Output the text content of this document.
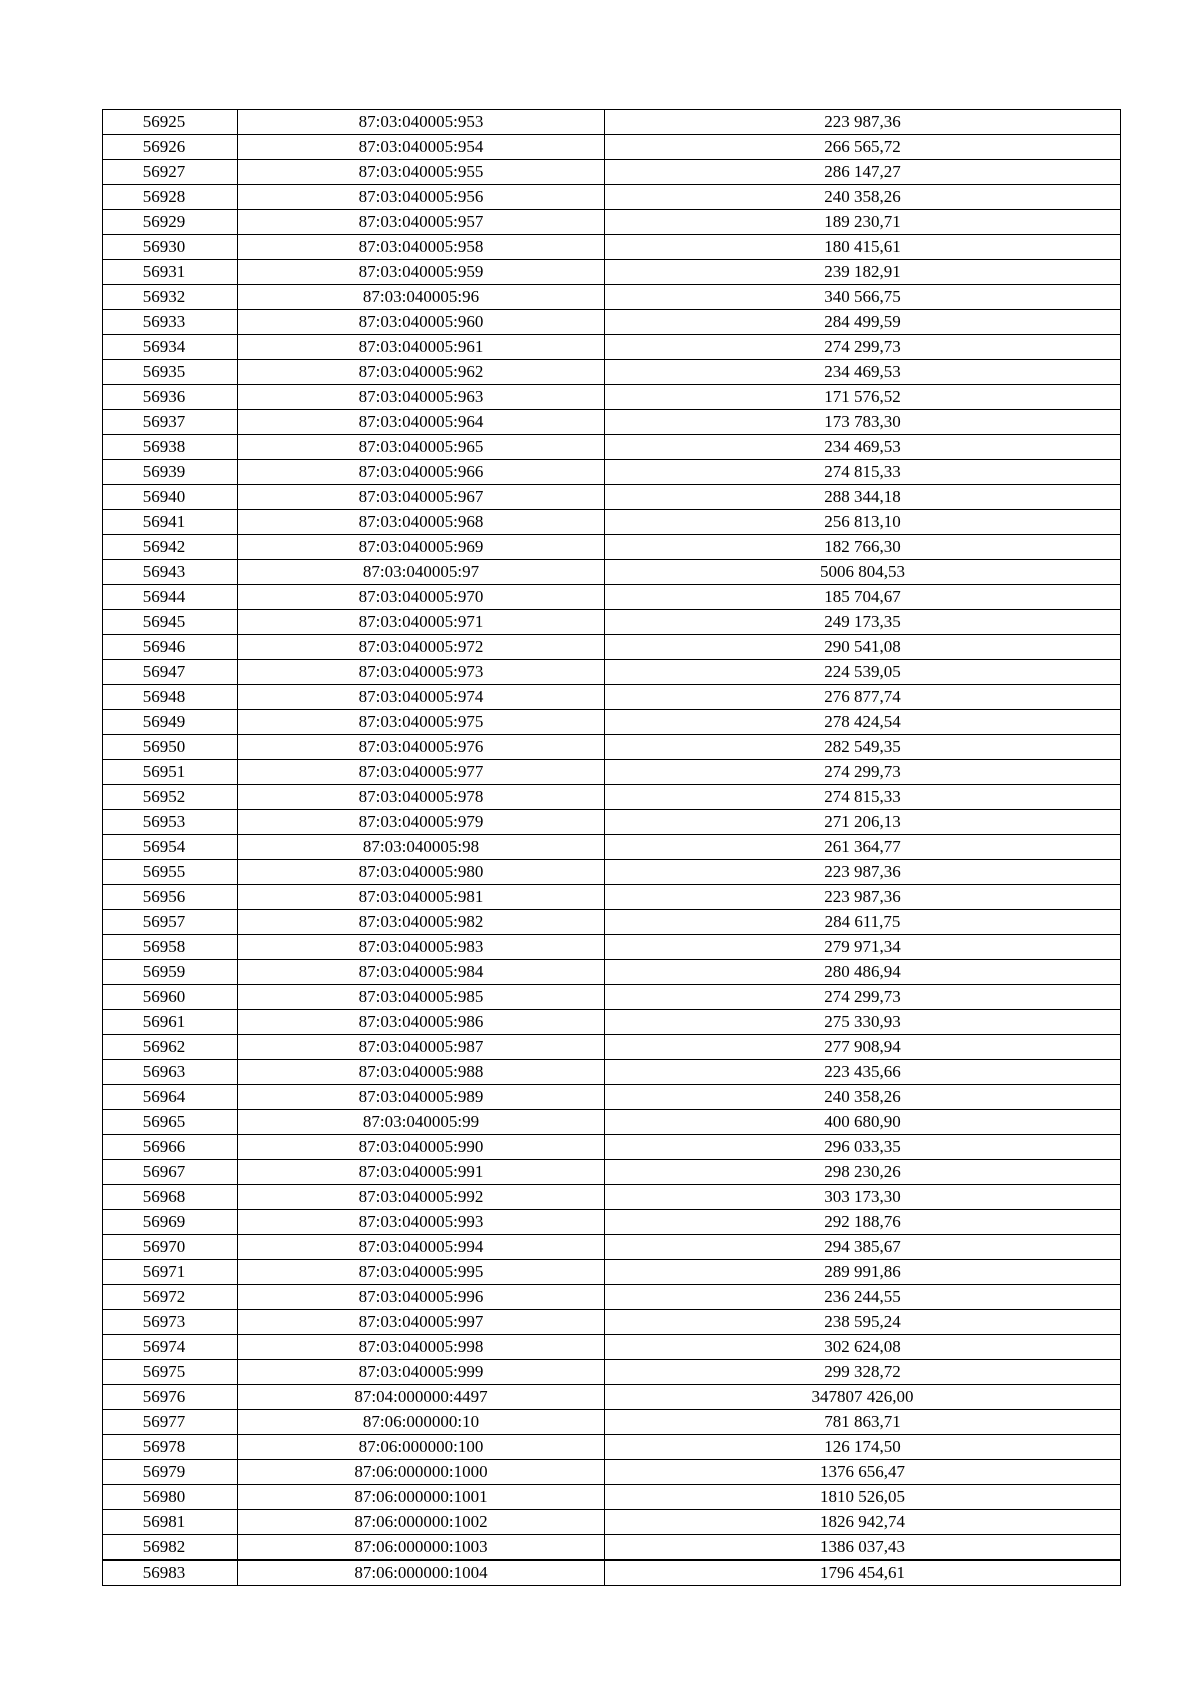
56925	87:03:040005:953	223 987,36
56926	87:03:040005:954	266 565,72
56927	87:03:040005:955	286 147,27
56928	87:03:040005:956	240 358,26
56929	87:03:040005:957	189 230,71
56930	87:03:040005:958	180 415,61
56931	87:03:040005:959	239 182,91
56932	87:03:040005:96	340 566,75
56933	87:03:040005:960	284 499,59
56934	87:03:040005:961	274 299,73
56935	87:03:040005:962	234 469,53
56936	87:03:040005:963	171 576,52
56937	87:03:040005:964	173 783,30
56938	87:03:040005:965	234 469,53
56939	87:03:040005:966	274 815,33
56940	87:03:040005:967	288 344,18
56941	87:03:040005:968	256 813,10
56942	87:03:040005:969	182 766,30
56943	87:03:040005:97	5006 804,53
56944	87:03:040005:970	185 704,67
56945	87:03:040005:971	249 173,35
56946	87:03:040005:972	290 541,08
56947	87:03:040005:973	224 539,05
56948	87:03:040005:974	276 877,74
56949	87:03:040005:975	278 424,54
56950	87:03:040005:976	282 549,35
56951	87:03:040005:977	274 299,73
56952	87:03:040005:978	274 815,33
56953	87:03:040005:979	271 206,13
56954	87:03:040005:98	261 364,77
56955	87:03:040005:980	223 987,36
56956	87:03:040005:981	223 987,36
56957	87:03:040005:982	284 611,75
56958	87:03:040005:983	279 971,34
56959	87:03:040005:984	280 486,94
56960	87:03:040005:985	274 299,73
56961	87:03:040005:986	275 330,93
56962	87:03:040005:987	277 908,94
56963	87:03:040005:988	223 435,66
56964	87:03:040005:989	240 358,26
56965	87:03:040005:99	400 680,90
56966	87:03:040005:990	296 033,35
56967	87:03:040005:991	298 230,26
56968	87:03:040005:992	303 173,30
56969	87:03:040005:993	292 188,76
56970	87:03:040005:994	294 385,67
56971	87:03:040005:995	289 991,86
56972	87:03:040005:996	236 244,55
56973	87:03:040005:997	238 595,24
56974	87:03:040005:998	302 624,08
56975	87:03:040005:999	299 328,72
56976	87:04:000000:4497	347807 426,00
56977	87:06:000000:10	781 863,71
56978	87:06:000000:100	126 174,50
56979	87:06:000000:1000	1376 656,47
56980	87:06:000000:1001	1810 526,05
56981	87:06:000000:1002	1826 942,74
56982	87:06:000000:1003	1386 037,43
56983	87:06:000000:1004	1796 454,61
